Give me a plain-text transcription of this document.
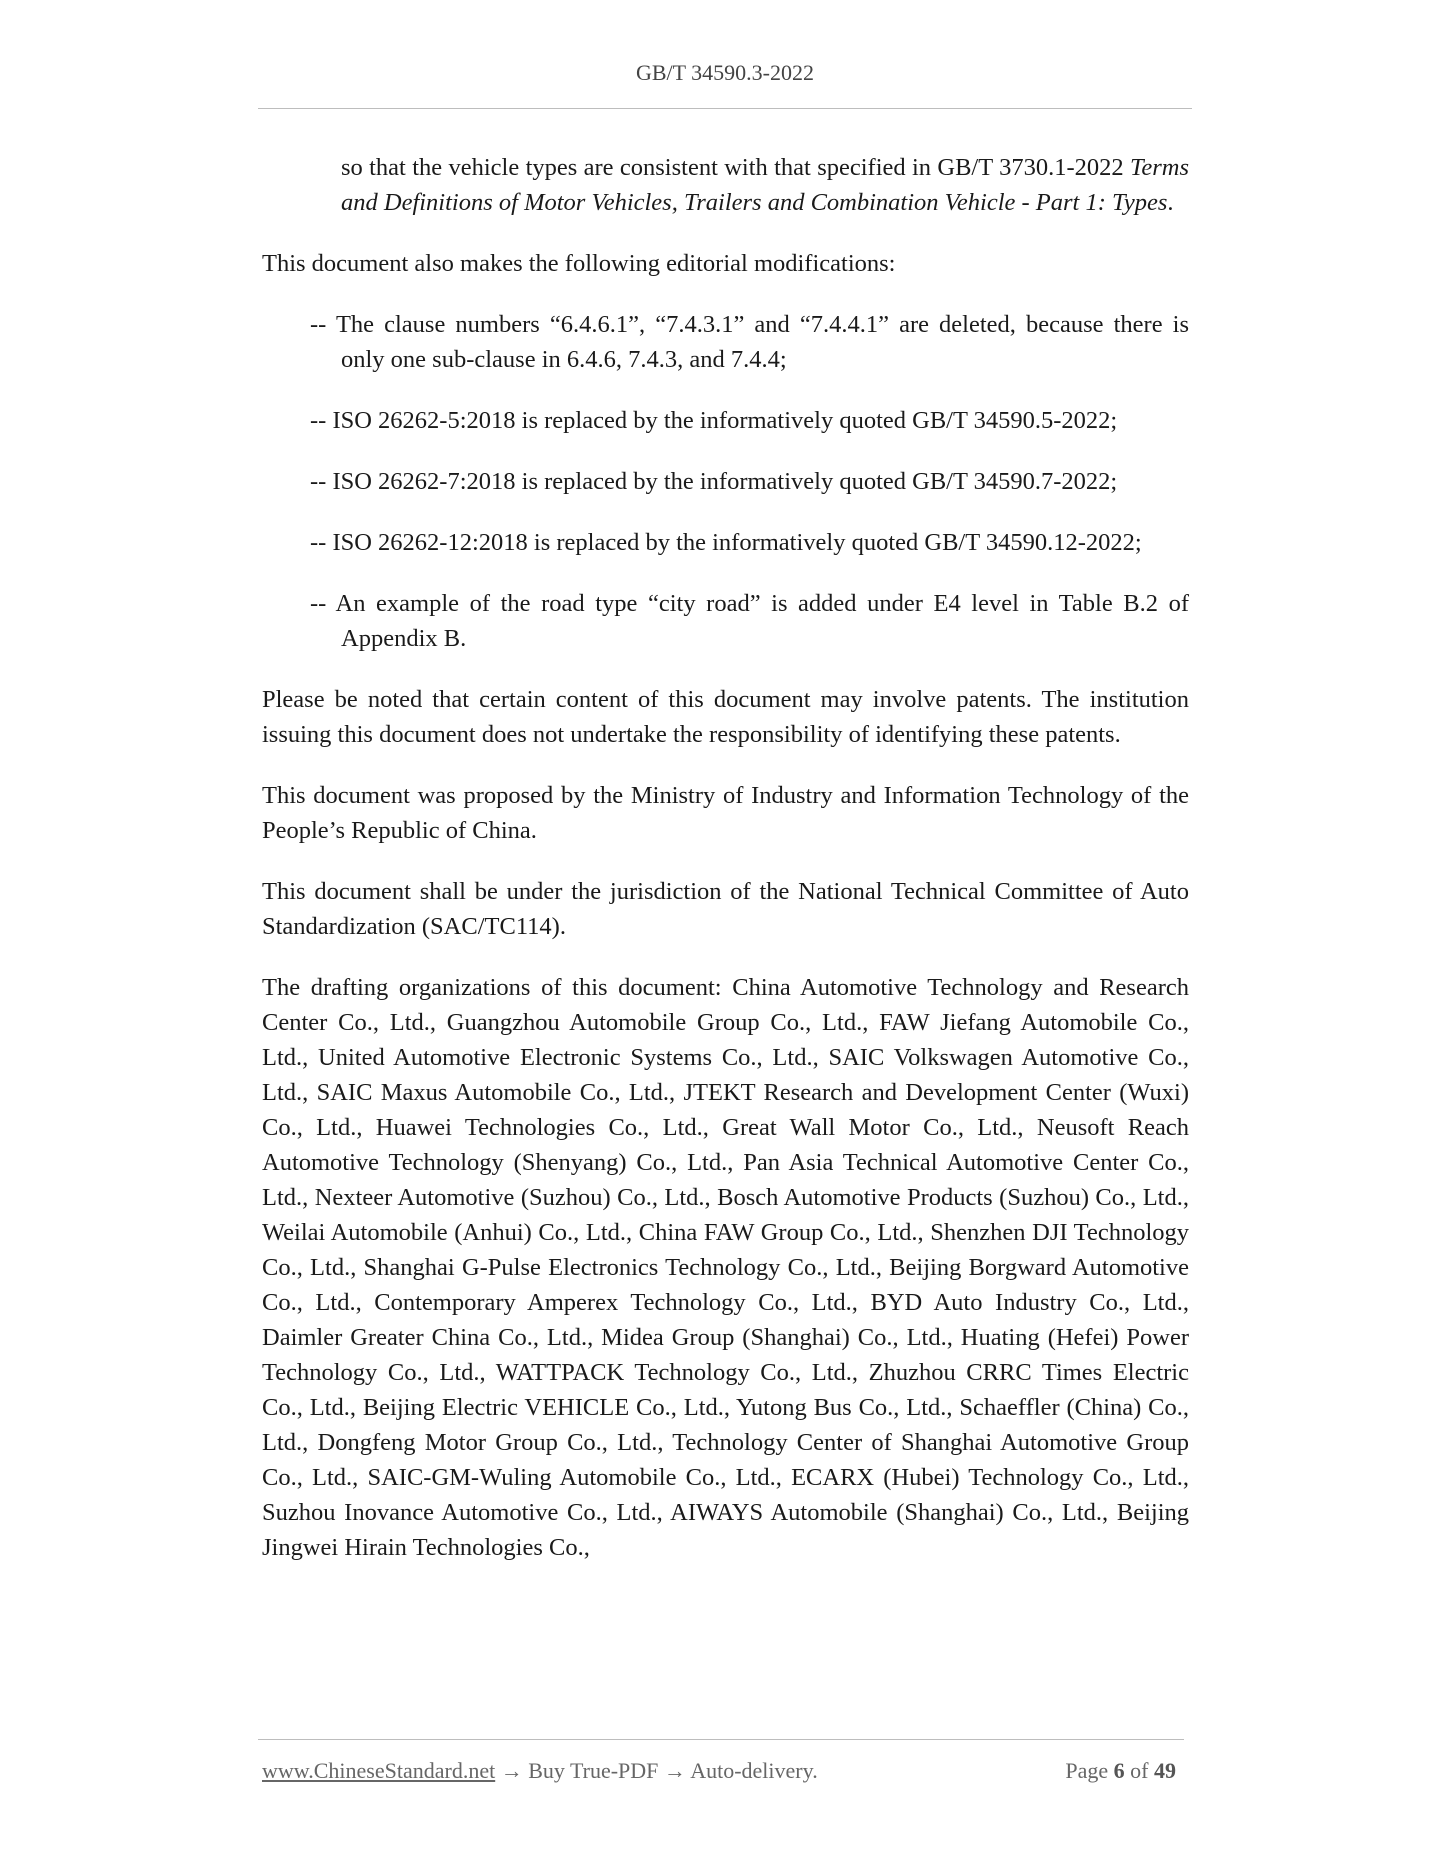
GB/T 34590.3-2022

so that the vehicle types are consistent with that specified in GB/T 3730.1-2022 Terms and Definitions of Motor Vehicles, Trailers and Combination Vehicle - Part 1: Types.

This document also makes the following editorial modifications:

-- The clause numbers “6.4.6.1”, “7.4.3.1” and “7.4.4.1” are deleted, because there is only one sub-clause in 6.4.6, 7.4.3, and 7.4.4;

-- ISO 26262-5:2018 is replaced by the informatively quoted GB/T 34590.5-2022;

-- ISO 26262-7:2018 is replaced by the informatively quoted GB/T 34590.7-2022;

-- ISO 26262-12:2018 is replaced by the informatively quoted GB/T 34590.12-2022;

-- An example of the road type “city road” is added under E4 level in Table B.2 of Appendix B.

Please be noted that certain content of this document may involve patents. The institution issuing this document does not undertake the responsibility of identifying these patents.

This document was proposed by the Ministry of Industry and Information Technology of the People’s Republic of China.

This document shall be under the jurisdiction of the National Technical Committee of Auto Standardization (SAC/TC114).

The drafting organizations of this document: China Automotive Technology and Research Center Co., Ltd., Guangzhou Automobile Group Co., Ltd., FAW Jiefang Automobile Co., Ltd., United Automotive Electronic Systems Co., Ltd., SAIC Volkswagen Automotive Co., Ltd., SAIC Maxus Automobile Co., Ltd., JTEKT Research and Development Center (Wuxi) Co., Ltd., Huawei Technologies Co., Ltd., Great Wall Motor Co., Ltd., Neusoft Reach Automotive Technology (Shenyang) Co., Ltd., Pan Asia Technical Automotive Center Co., Ltd., Nexteer Automotive (Suzhou) Co., Ltd., Bosch Automotive Products (Suzhou) Co., Ltd., Weilai Automobile (Anhui) Co., Ltd., China FAW Group Co., Ltd., Shenzhen DJI Technology Co., Ltd., Shanghai G-Pulse Electronics Technology Co., Ltd., Beijing Borgward Automotive Co., Ltd., Contemporary Amperex Technology Co., Ltd., BYD Auto Industry Co., Ltd., Daimler Greater China Co., Ltd., Midea Group (Shanghai) Co., Ltd., Huating (Hefei) Power Technology Co., Ltd., WATTPACK Technology Co., Ltd., Zhuzhou CRRC Times Electric Co., Ltd., Beijing Electric VEHICLE Co., Ltd., Yutong Bus Co., Ltd., Schaeffler (China) Co., Ltd., Dongfeng Motor Group Co., Ltd., Technology Center of Shanghai Automotive Group Co., Ltd., SAIC-GM-Wuling Automobile Co., Ltd., ECARX (Hubei) Technology Co., Ltd., Suzhou Inovance Automotive Co., Ltd., AIWAYS Automobile (Shanghai) Co., Ltd., Beijing Jingwei Hirain Technologies Co.,

www.ChineseStandard.net → Buy True-PDF → Auto-delivery.	Page 6 of 49
